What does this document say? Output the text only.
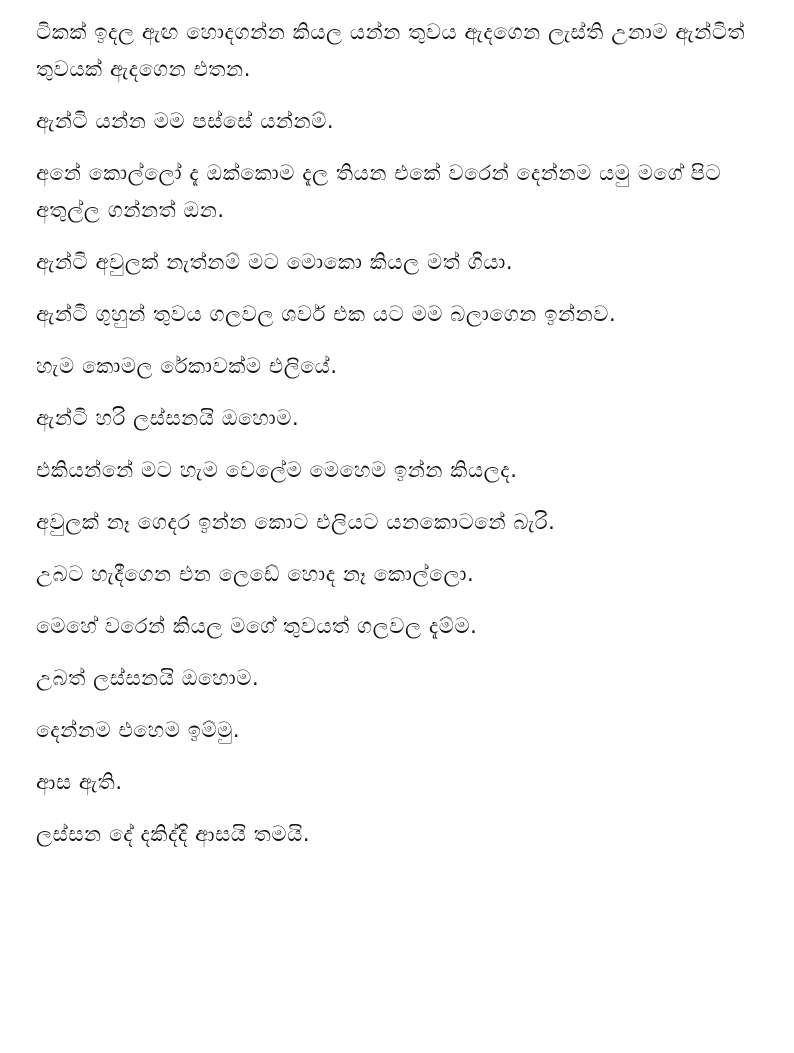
ටිකක් ඉදල ඇඟ හොදගන්න කියල යන්න තුවය ඇදගෙන ලැස්ති උනාම ඇන්ටිත් තුවයක් ඇදගෙන එතන.

ඇන්ටි යන්න මම පස්සේ යන්නම්.

අනේ කොල්ලෝ දැ ඔක්කොම දැල තියන එකේ වරෙන් දෙන්නම යමු මගේ පිට අතුල්ල ගන්නත් ඔන.

ඇන්ටි අවුලක් නැත්නම් මට මොකො කියල මත් ගියා.

ඇන්ටි ගුහුන් තුවය ගලවල ශවර් එක යට මම බලාගෙන ඉන්නව.

හැම කොමල රේකාවක්ම එලියේ.

ඇන්ටි හරි ලස්සනයි ඔහොම.

එකියන්නේ මට හැම වෙලේම මෙහෙම ඉන්න කියලද.

අවුලක් නෑ ගෙදර ඉන්න කොට එලියට යනකොටනේ බැරි.

උබට හැදීගෙන එන ලෙඩේ හොද නෑ කොල්ලො.

මෙහේ වරෙන් කියල මගේ තුවයත් ගලවල දැම්ම.

උබත් ලස්සනයි ඔහොම.

දෙන්නම එහෙම ඉම්මු.

ආස ඇති.

ලස්සන දේ දකිද්දි ආසයි තමයි.
